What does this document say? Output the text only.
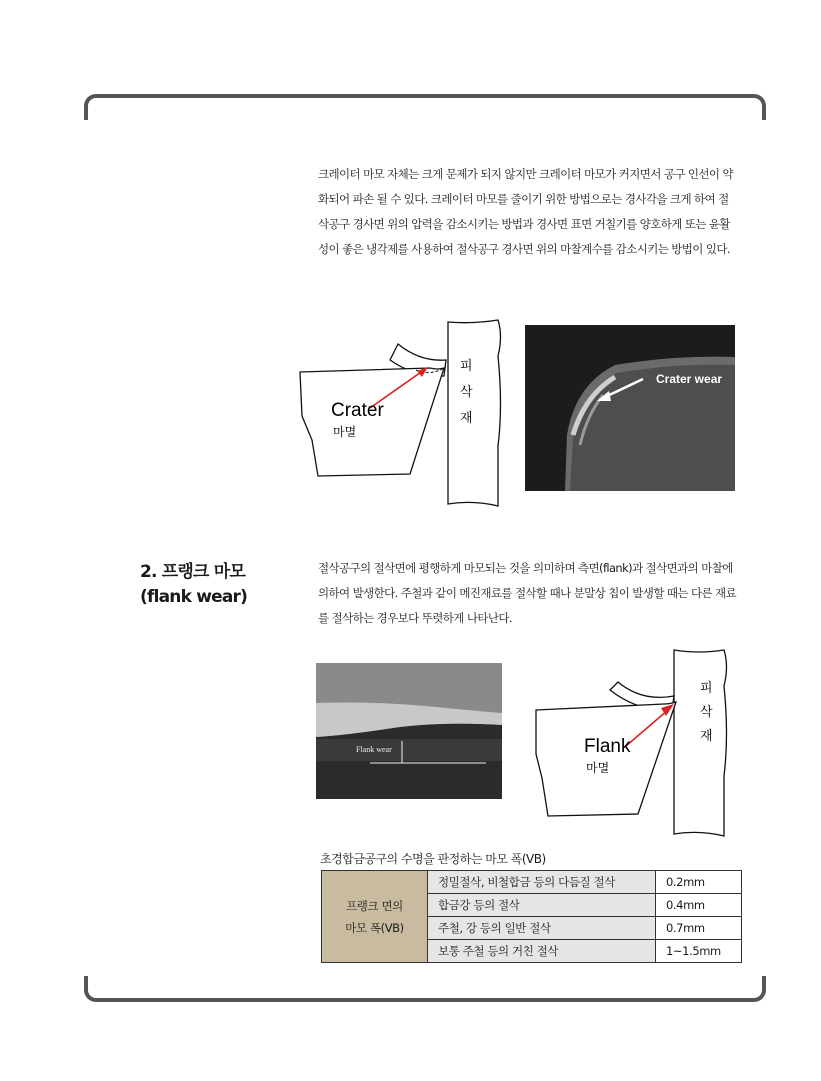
크레이터 마모 자체는 크게 문제가 되지 않지만 크레이터 마모가 커지면서 공구 인선이 약화되어 파손 될 수 있다. 크레이터 마모를 줄이기 위한 방법으로는 경사각을 크게 하여 절삭공구 경사면 위의 압력을 감소시키는 방법과 경사면 표면 거칠기를 양호하게 또는 윤활성이 좋은 냉각제를 사용하여 절삭공구 경사면 위의 마찰계수를 감소시키는 방법이 있다.
Crater
마멸
피
삭
재
Crater wear
2. 프랭크 마모
(flank wear)
절삭공구의 절삭면에 평행하게 마모되는 것을 의미하며 측면(flank)과 절삭면과의 마찰에 의하여 발생한다. 주철과 같이 메진재료를 절삭할 때나 분말상 칩이 발생할 때는 다른 재료를 절삭하는 경우보다 뚜렷하게 나타난다.
Flank wear	Flank
마멸
피
삭
재
초경합금공구의 수명을 판정하는 마모 폭(VB)
프랭크 면의
마모 폭(VB)	정밀절삭, 비철합금 등의 다듬질 절삭	0.2mm
	합금강 등의 절삭	0.4mm
	주철, 강 등의 일반 절삭	0.7mm
	보통 주철 등의 거친 절삭	1~1.5mm
